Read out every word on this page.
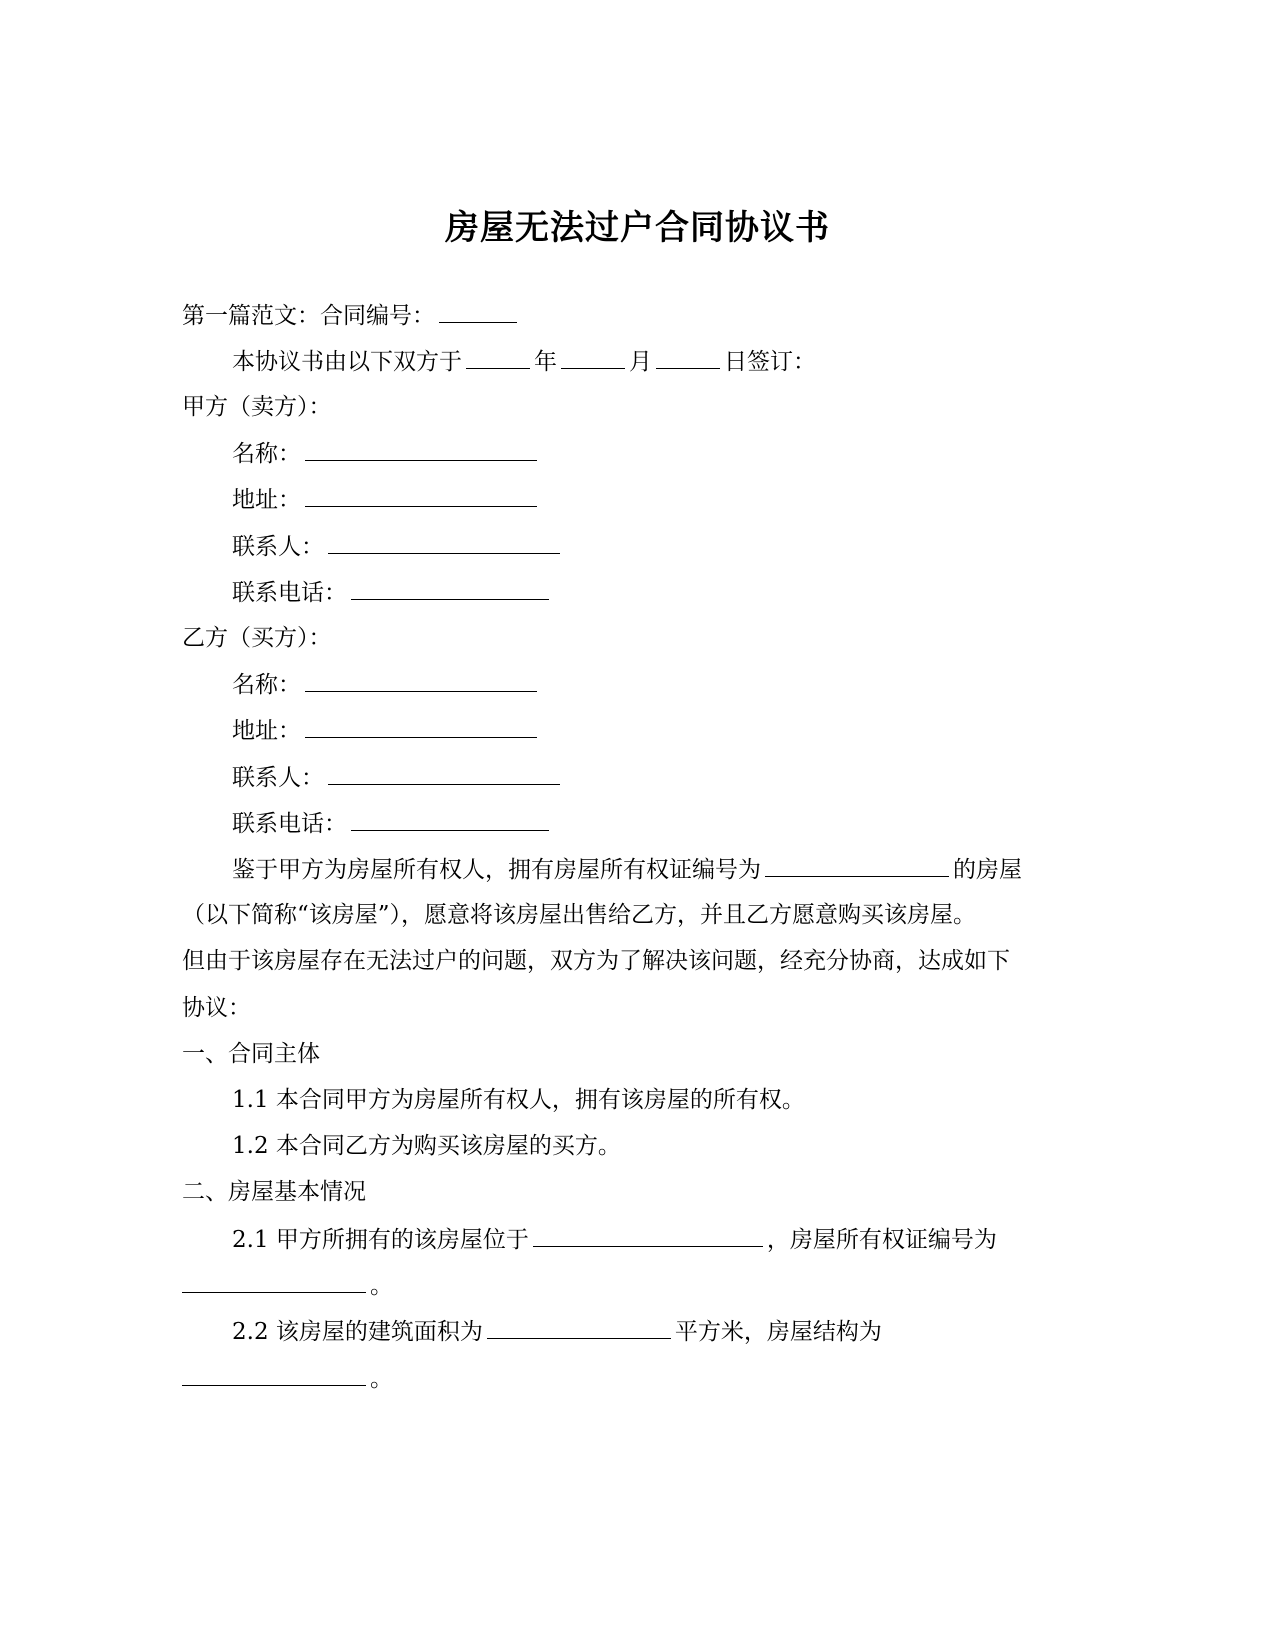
房屋无法过户合同协议书
第一篇范文：合同编号：
本协议书由以下双方于	年	月	日签订：
甲方（卖方）：
名称：
地址：
联系人：
联系电话：
乙方（买方）：
名称：
地址：
联系人：
联系电话：
鉴于甲方为房屋所有权人，拥有房屋所有权证编号为	的房屋
（以下简称“该房屋”），愿意将该房屋出售给乙方，并且乙方愿意购买该房屋。
但由于该房屋存在无法过户的问题，双方为了解决该问题，经充分协商，达成如下
协议：
一、合同主体
1.1 本合同甲方为房屋所有权人，拥有该房屋的所有权。
1.2 本合同乙方为购买该房屋的买方。
二、房屋基本情况
2.1 甲方所拥有的该房屋位于	，房屋所有权证编号为
。
2.2 该房屋的建筑面积为	平方米，房屋结构为
。
